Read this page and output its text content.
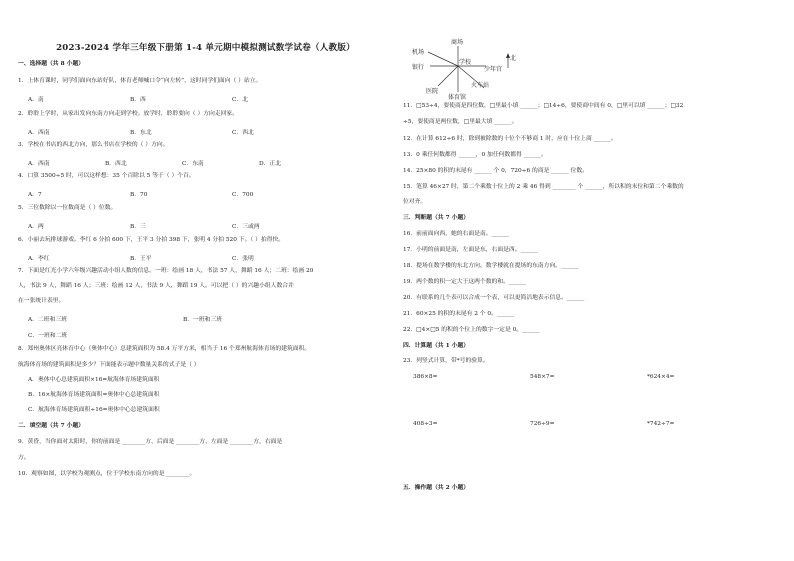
2023-2024 学年三年级下册第 1-4 单元期中模拟测试数学试卷（人教版）
一、选择题（共 8 小题）
1．上体育课时，同学们面向东站好队，体育老师喊口令“向左转”，这时同学们面向（ ）站立。
A．南	B．西	C．北
2．聆聆上学时，从家出发向东南方向走到学校。放学时，聆聆要向（ ）方向走回家。
A．西南	B．东北	C．西北
3．学校在书店的西北方向，那么书店在学校的（ ）方向。
A．西南	B．西北	C．东南	D．正北
4．口算 3500÷5 时，可以这样想：35 个百除以 5 等于（ ）个百。
A．7	B．70	C．700
5．三位数除以一位数商是（ ）位数。
A．两	B．三	C．三或两
6．小丽去玩排球游戏。李红 6 分拍 600 下，王平 3 分拍 398 下，张明 4 分拍 520 下。（ ）拍得快。
A．李红	B．王平	C．张明
7．下面是红光小学六年级兴趣活动小组人数的信息。一班：绘画 18 人，书法 57 人，舞蹈 16 人；二班：绘画 20
人，书法 9 人，舞蹈 16 人；三班：绘画 12 人，书法 9 人，舞蹈 19 人。可以把（ ）的兴趣小组人数合并
在一张统计表里。
A．二班和三班	B．一班和三班
C．一班和二班
8．郑州奥体区亮体育中心（奥体中心）总建筑面积为 58.4 万平方米，相当于 16 个郑州航海体育场的建筑面积。
航海体育场的建筑面积是多少？下面能表示题中数量关系的式子是（ ）
A．奥体中心总建筑面积×16=航海体育场建筑面积
B．16×航海体育场建筑面积=奥体中心总建筑面积
C．航海体育场建筑面积÷16=奥体中心总建筑面积
二．填空题（共 7 小题）
9．黄昏，当你面对太阳时，你的前面是 ________方，后面是 ________方，左面是 ________方，右面是
方。
10．观察如图，以学校为观测点，位于学校东南方向的是 ________。
商场
机场
学校
银行	少年宫
医院
火车站
体育馆
北
11．□53÷4，要使商是四位数，□里最小填 ______；□14÷6，要使商中间有 0，□里可以填 ______；□32
÷5，要使商是两位数，□里最大填 ______。
12．在计算 612÷6 时，除到被除数的十位个不够商 1 时，应在十位上商 ______。
13．0 乘任何数都得 ______，0 加任何数都得 ______。
14．25×80 的积的末尾有 ______ 个 0，720÷6 的商是 ______ 位数。
15．笔算 46×27 时，第二个乘数十位上的 2 乘 46 得到 ________ 个 ______，所以积的末位和第二个乘数的
位对齐。
三．判断题（共 7 小题）
16．前前面向西，她的右面是南。______
17．小明的前面是南，左面是东，右面是西。______
18．提场在数学楼的东北方向，数学楼就在提场的东南方向。______
19．两个数的积一定大于这两个数的和。______
20．有联系的几个表可以合成一个表，可以更简洁地表示信息。______
21．60×25 的积的末尾有 2 个 0。______
22．□4×□5 的积的个位上的数字一定是 0。______
四．计算题（共 1 小题）
23．列竖式计算，带*号的验算。
386×8=	548×7=	*624×4=
408÷3=	726÷9=	*742÷7=
五．操作题（共 2 小题）
